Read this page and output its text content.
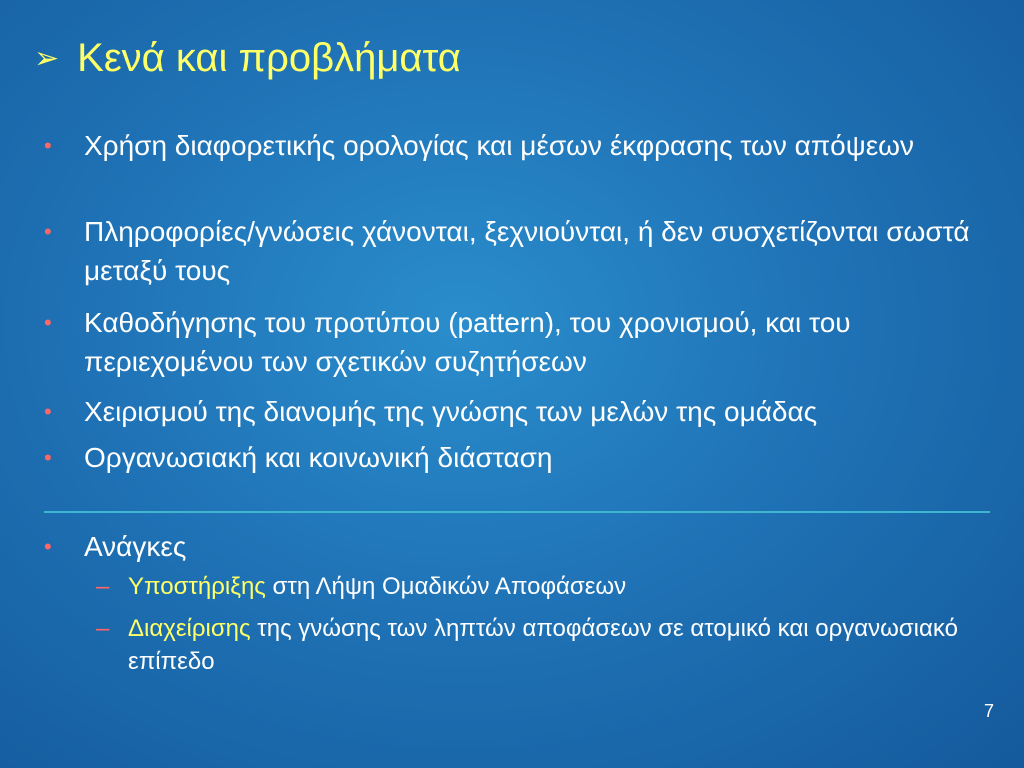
➢ Κενά και προβλήματα
• Χρήση διαφορετικής ορολογίας και μέσων έκφρασης των απόψεων
• Πληροφορίες/γνώσεις χάνονται, ξεχνιούνται, ή δεν συσχετίζονται σωστά μεταξύ τους
• Καθοδήγησης του προτύπου (pattern), του χρονισμού, και του περιεχομένου των σχετικών συζητήσεων
• Χειρισμού της διανομής της γνώσης των μελών της ομάδας
• Οργανωσιακή και κοινωνική διάσταση
• Ανάγκες
– Υποστήριξης στη Λήψη Ομαδικών Αποφάσεων
– Διαχείρισης της γνώσης των ληπτών αποφάσεων σε ατομικό και οργανωσιακό επίπεδο
7
